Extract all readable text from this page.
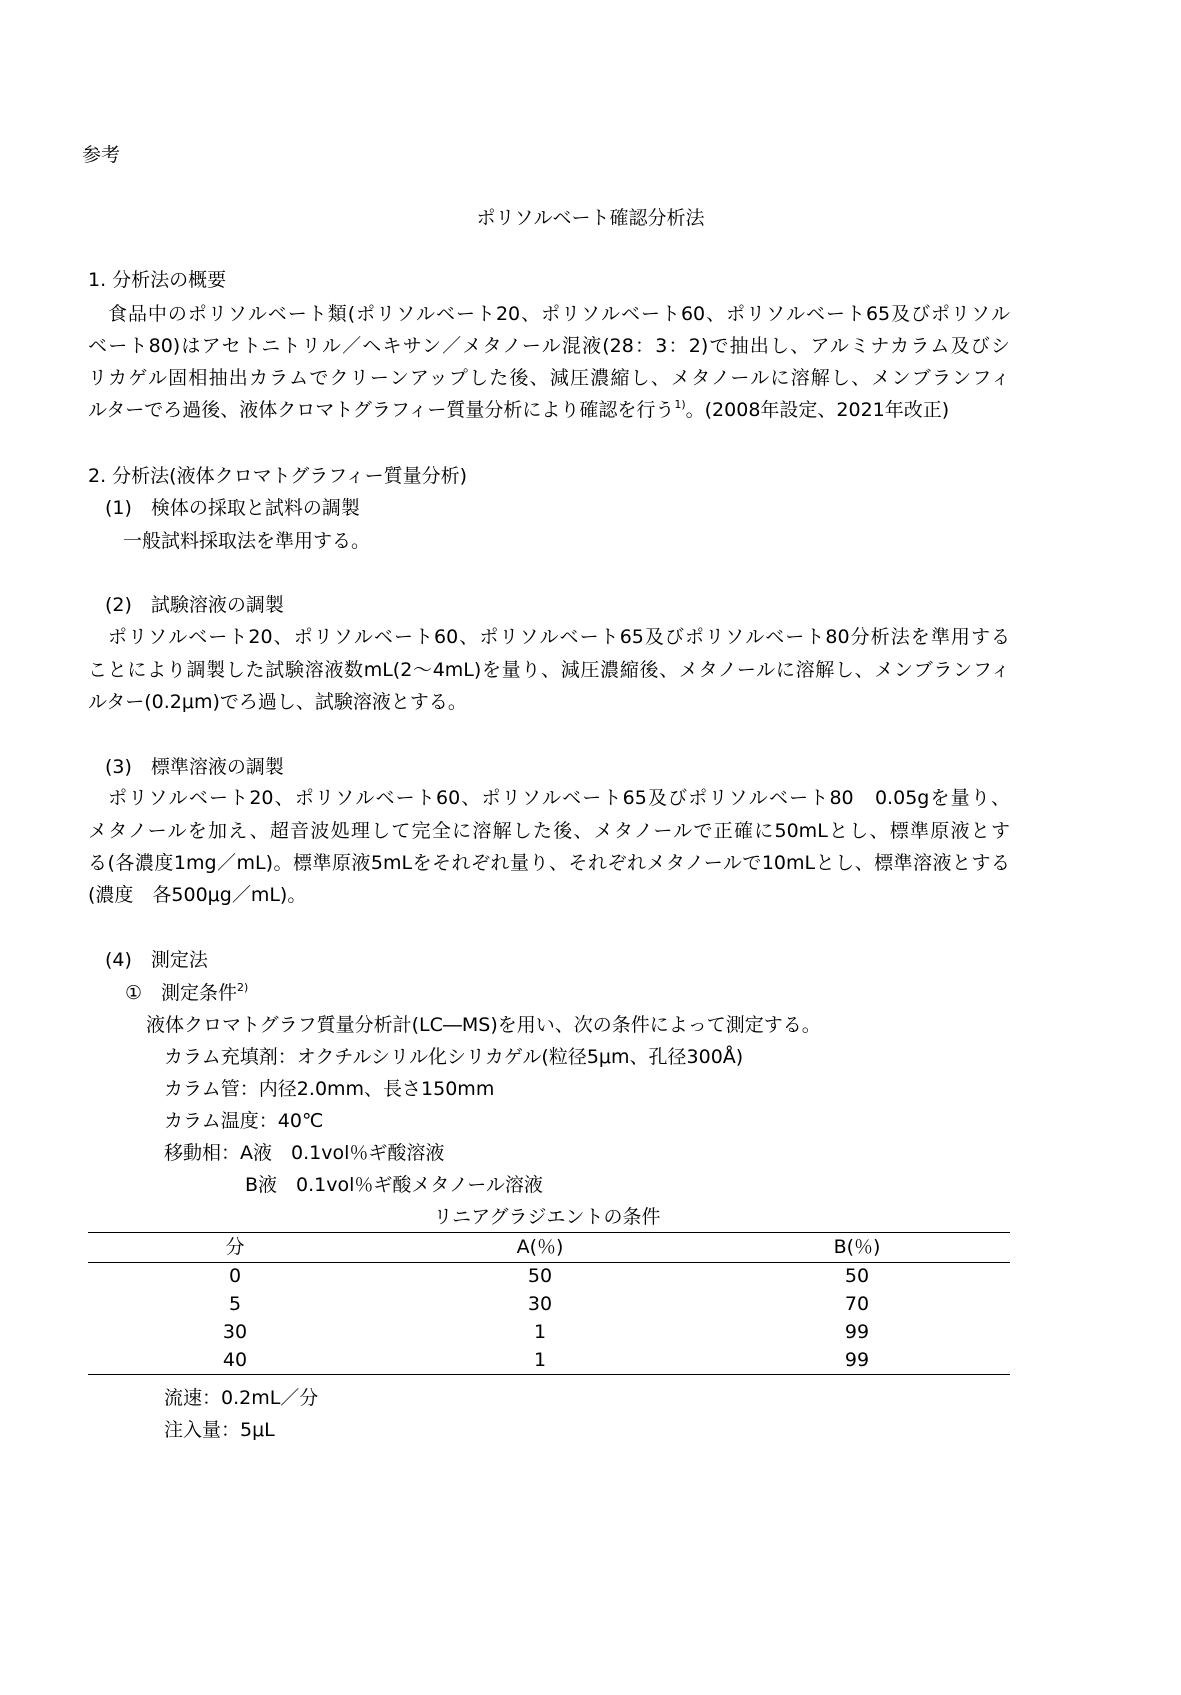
参考
ポリソルベート確認分析法
1. 分析法の概要
　食品中のポリソルベート類(ポリソルベート20、ポリソルベート60、ポリソルベート65及びポリソル
ベート80)はアセトニトリル／ヘキサン／メタノール混液(28：3：2)で抽出し、アルミナカラム及びシ
リカゲル固相抽出カラムでクリーンアップした後、減圧濃縮し、メタノールに溶解し、メンブランフィ
ルターでろ過後、液体クロマトグラフィー質量分析により確認を行う$^{1)}$。(2008年設定、2021年改正)
2. 分析法(液体クロマトグラフィー質量分析)
(1)　検体の採取と試料の調製
一般試料採取法を準用する。
(2)　試験溶液の調製
　ポリソルベート20、ポリソルベート60、ポリソルベート65及びポリソルベート80分析法を準用する
ことにより調製した試験溶液数mL(2～4mL)を量り、減圧濃縮後、メタノールに溶解し、メンブランフィ
ルター(0.2μm)でろ過し、試験溶液とする。
(3)　標準溶液の調製
　ポリソルベート20、ポリソルベート60、ポリソルベート65及びポリソルベート80　0.05gを量り、
メタノールを加え、超音波処理して完全に溶解した後、メタノールで正確に50mLとし、標準原液とす
る(各濃度1mg／mL)。標準原液5mLをそれぞれ量り、それぞれメタノールで10mLとし、標準溶液とする
(濃度　各500μg／mL)。
(4)　測定法
①　測定条件$^{2)}$
液体クロマトグラフ質量分析計(LC―MS)を用い、次の条件によって測定する。
カラム充填剤：オクチルシリル化シリカゲル(粒径5μm、孔径300Å)
カラム管：内径2.0mm、長さ150mm
カラム温度：40℃
移動相：A液　0.1vol％ギ酸溶液
B液　0.1vol％ギ酸メタノール溶液
リニアグラジエントの条件
分	A(％)	B(％)
0	50	50
5	30	70
30	1	99
40	1	99
流速：0.2mL／分
注入量：5μL
